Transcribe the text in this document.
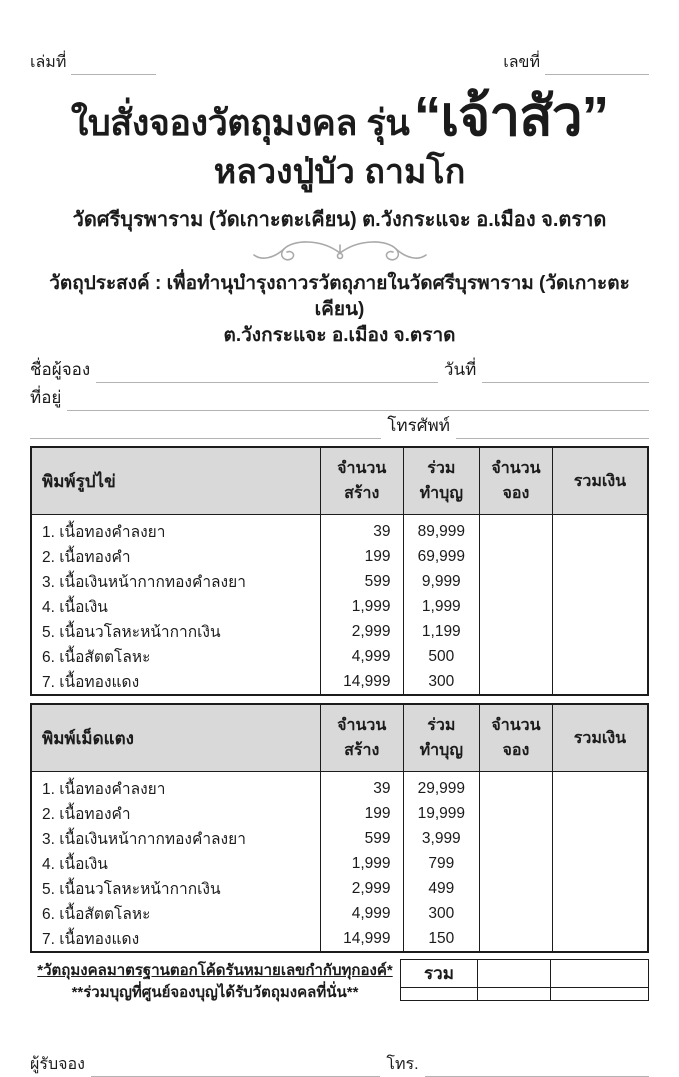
เล่มที่	เลขที่
ใบสั่งจองวัตถุมงคล รุ่น “เจ้าสัว”
หลวงปู่บัว ถามโก
วัดศรีบุรพาราม (วัดเกาะตะเคียน) ต.วังกระแจะ อ.เมือง จ.ตราด
วัตถุประสงค์ : เพื่อทำนุบำรุงถาวรวัตถุภายในวัดศรีบุรพาราม (วัดเกาะตะเคียน)
ต.วังกระแจะ อ.เมือง จ.ตราด
ชื่อผู้จอง	วันที่
ที่อยู่
โทรศัพท์
พิมพ์รูปไข่	จำนวนสร้าง	ร่วมทำบุญ	จำนวนจอง	รวมเงิน
1. เนื้อทองคำลงยา	39	89,999		
2. เนื้อทองคำ	199	69,999		
3. เนื้อเงินหน้ากากทองคำลงยา	599	9,999		
4. เนื้อเงิน	1,999	1,999		
5. เนื้อนวโลหะหน้ากากเงิน	2,999	1,199		
6. เนื้อสัตตโลหะ	4,999	500		
7. เนื้อทองแดง	14,999	300		
พิมพ์เม็ดแตง	จำนวนสร้าง	ร่วมทำบุญ	จำนวนจอง	รวมเงิน
1. เนื้อทองคำลงยา	39	29,999		
2. เนื้อทองคำ	199	19,999		
3. เนื้อเงินหน้ากากทองคำลงยา	599	3,999		
4. เนื้อเงิน	1,999	799		
5. เนื้อนวโลหะหน้ากากเงิน	2,999	499		
6. เนื้อสัตตโลหะ	4,999	300		
7. เนื้อทองแดง	14,999	150		
*วัตถุมงคลมาตรฐานตอกโค้ดรันหมายเลขกำกับทุกองค์*
**ร่วมบุญที่ศูนย์จองบุญได้รับวัตถุมงคลที่นั่น**
รวม		

ผู้รับจอง	โทร.
